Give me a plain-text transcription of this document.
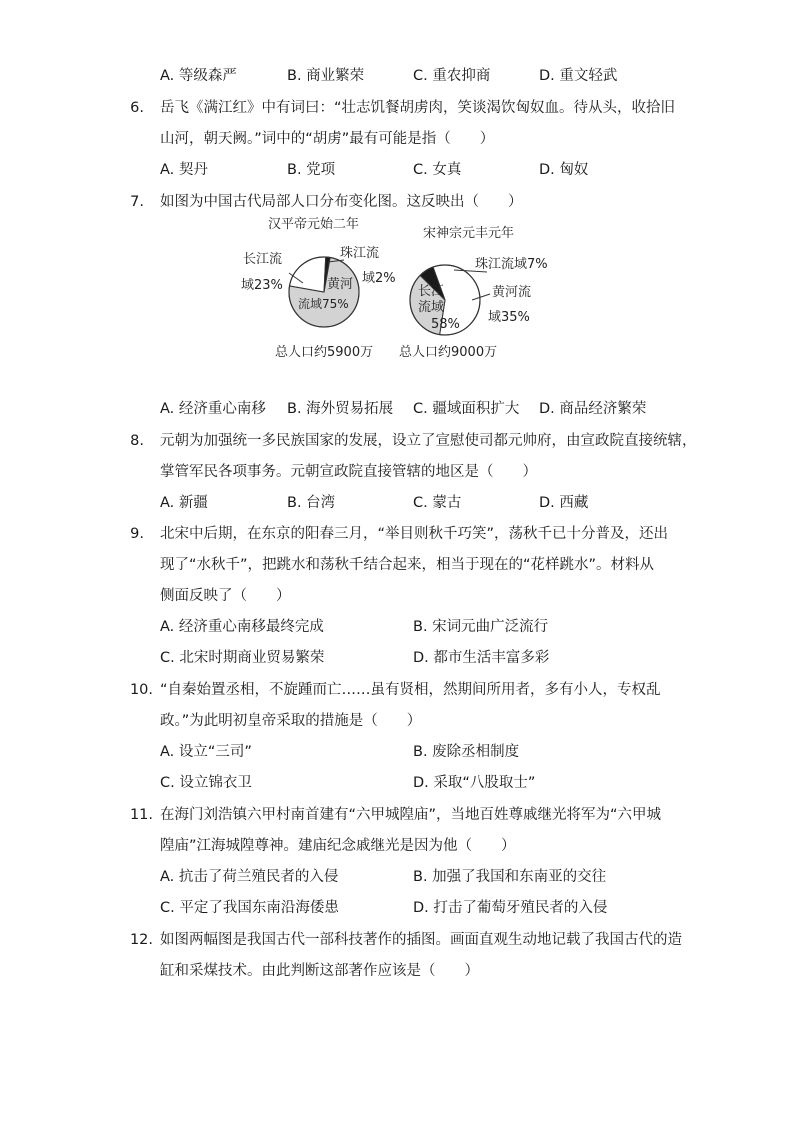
A. 等级森严	B. 商业繁荣	C. 重农抑商	D. 重文轻武
6. 岳飞《满江红》中有词曰：“壮志饥餐胡虏肉，笑谈渴饮匈奴血。待从头，收拾旧
山河，朝天阙。”词中的“胡虏”最有可能是指（　　）
A. 契丹	B. 党项	C. 女真	D. 匈奴
7. 如图为中国古代局部人口分布变化图。这反映出（　　）
汉平帝元始二年
长江流
域23%
珠江流
域2%
黄河
流域75%
总人口约5900万
宋神宗元丰元年
珠江流域7%
黄河流
域35%
长江
流域
58%
总人口约9000万
A. 经济重心南移 B. 海外贸易拓展 C. 疆域面积扩大 D. 商品经济繁荣
8. 元朝为加强统一多民族国家的发展，设立了宣慰使司都元帅府，由宣政院直接统辖，
掌管军民各项事务。元朝宣政院直接管辖的地区是（　　）
A. 新疆	B. 台湾	C. 蒙古	D. 西藏
9. 北宋中后期，在东京的阳春三月，“举目则秋千巧笑”，荡秋千已十分普及，还出
现了“水秋千”，把跳水和荡秋千结合起来，相当于现在的“花样跳水”。材料从
侧面反映了（　　）
A. 经济重心南移最终完成	B. 宋词元曲广泛流行
C. 北宋时期商业贸易繁荣	D. 都市生活丰富多彩
10. “自秦始置丞相，不旋踵而亡……虽有贤相，然期间所用者，多有小人，专权乱
政。”为此明初皇帝采取的措施是（　　）
A. 设立“三司”	B. 废除丞相制度
C. 设立锦衣卫	D. 采取“八股取士”
11. 在海门刘浩镇六甲村南首建有“六甲城隍庙”，当地百姓尊戚继光将军为“六甲城
隍庙”江海城隍尊神。建庙纪念戚继光是因为他（　　）
A. 抗击了荷兰殖民者的入侵	B. 加强了我国和东南亚的交往
C. 平定了我国东南沿海倭患	D. 打击了葡萄牙殖民者的入侵
12. 如图两幅图是我国古代一部科技著作的插图。画面直观生动地记载了我国古代的造
缸和采煤技术。由此判断这部著作应该是（　　）
